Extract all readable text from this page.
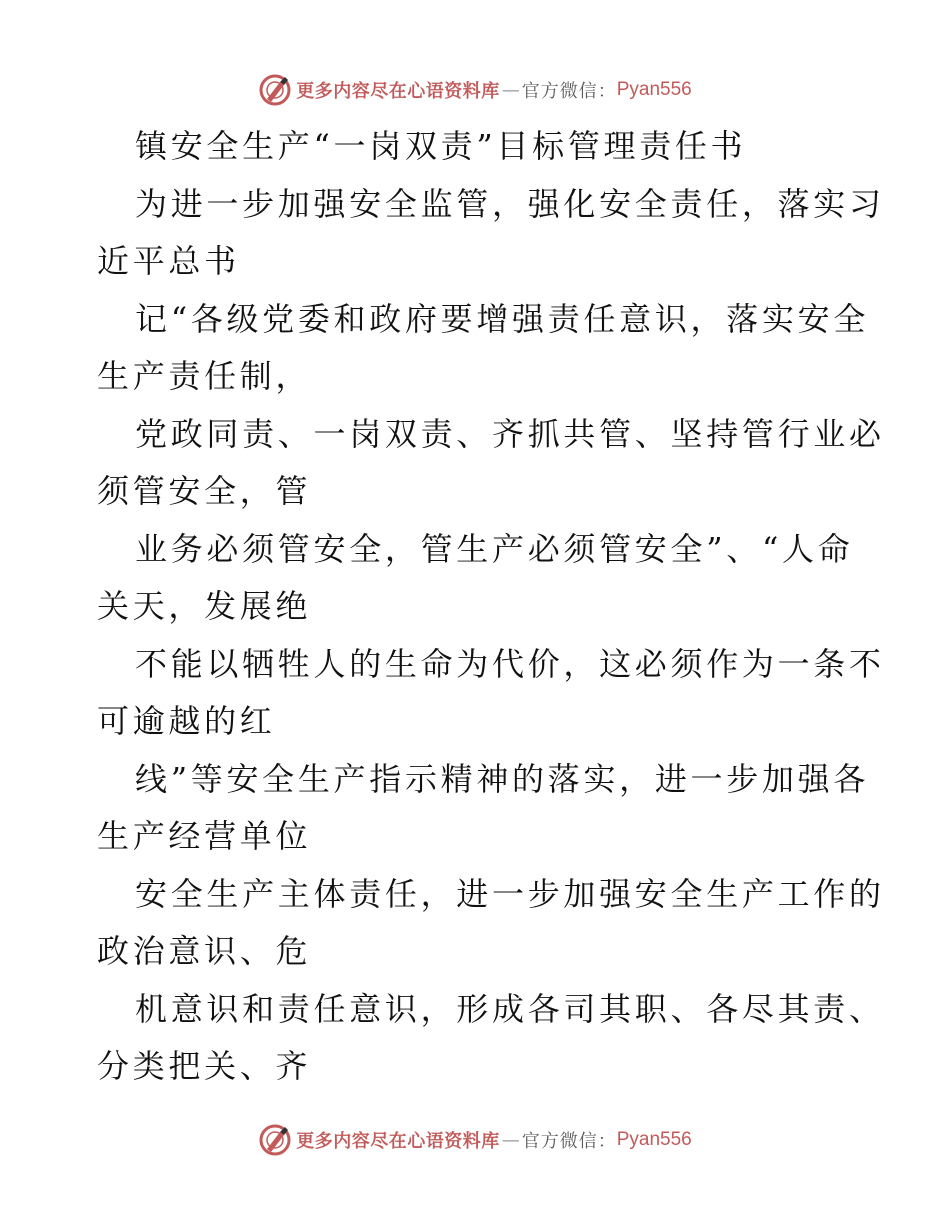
更多内容尽在心语资料库 — 官方微信： Pyan556
镇安全生产“一岗双责”目标管理责任书
为进一步加强安全监管，强化安全责任，落实习
近平总书
记“各级党委和政府要增强责任意识，落实安全
生产责任制，
党政同责、一岗双责、齐抓共管、坚持管行业必
须管安全，管
业务必须管安全，管生产必须管安全”、“人命
关天，发展绝
不能以牺牲人的生命为代价，这必须作为一条不
可逾越的红
线”等安全生产指示精神的落实，进一步加强各
生产经营单位
安全生产主体责任，进一步加强安全生产工作的
政治意识、危
机意识和责任意识，形成各司其职、各尽其责、
分类把关、齐
更多内容尽在心语资料库 — 官方微信： Pyan556
